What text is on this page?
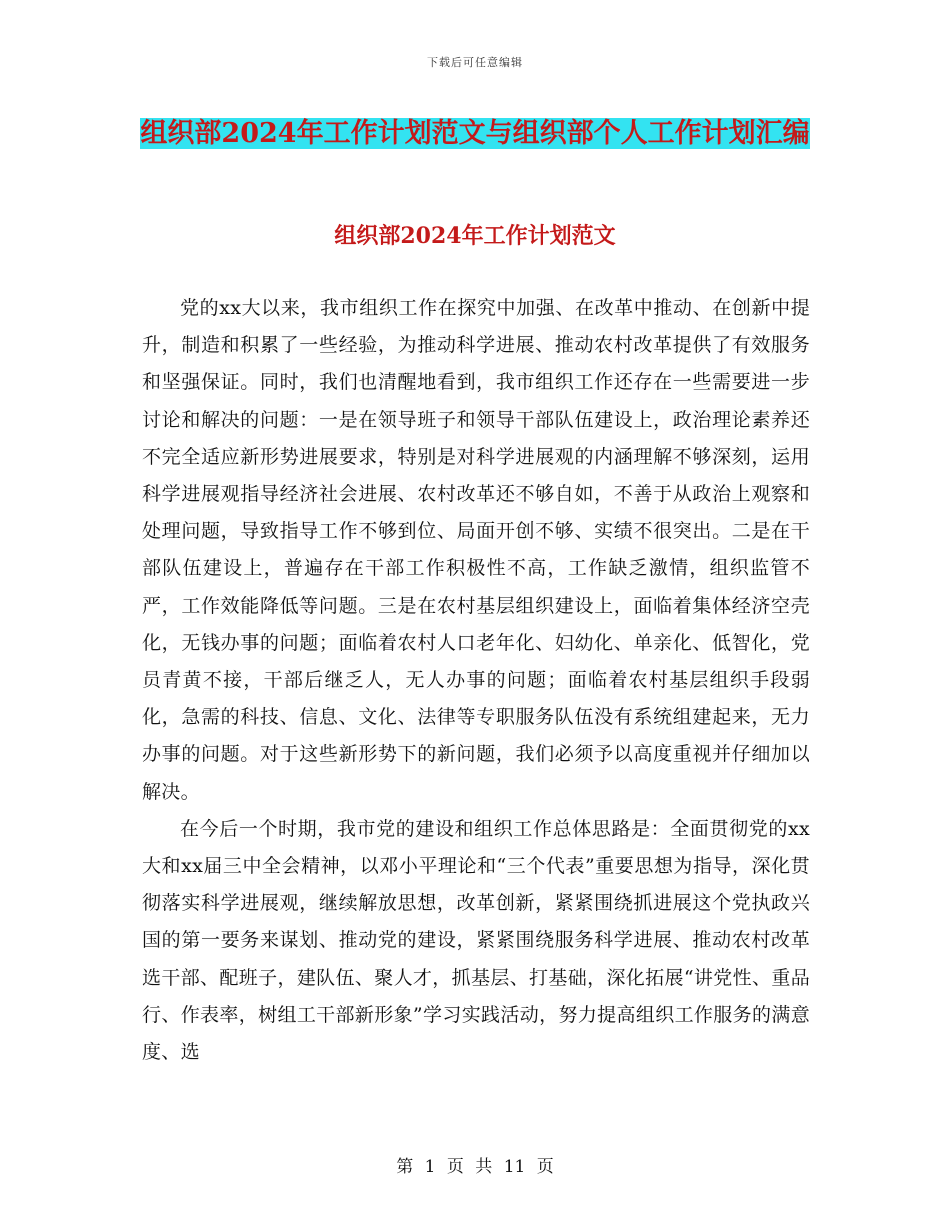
下载后可任意编辑
组织部2024年工作计划范文与组织部个人工作计划汇编
组织部2024年工作计划范文

党的xx大以来，我市组织工作在探究中加强、在改革中推动、在创新中提升，制造和积累了一些经验，为推动科学进展、推动农村改革提供了有效服务和坚强保证。同时，我们也清醒地看到，我市组织工作还存在一些需要进一步讨论和解决的问题：一是在领导班子和领导干部队伍建设上，政治理论素养还不完全适应新形势进展要求，特别是对科学进展观的内涵理解不够深刻，运用科学进展观指导经济社会进展、农村改革还不够自如，不善于从政治上观察和处理问题，导致指导工作不够到位、局面开创不够、实绩不很突出。二是在干部队伍建设上，普遍存在干部工作积极性不高，工作缺乏激情，组织监管不严，工作效能降低等问题。三是在农村基层组织建设上，面临着集体经济空壳化，无钱办事的问题；面临着农村人口老年化、妇幼化、单亲化、低智化，党员青黄不接，干部后继乏人，无人办事的问题；面临着农村基层组织手段弱化，急需的科技、信息、文化、法律等专职服务队伍没有系统组建起来，无力办事的问题。对于这些新形势下的新问题，我们必须予以高度重视并仔细加以解决。

在今后一个时期，我市党的建设和组织工作总体思路是：全面贯彻党的xx大和xx届三中全会精神，以邓小平理论和“三个代表”重要思想为指导，深化贯彻落实科学进展观，继续解放思想，改革创新，紧紧围绕抓进展这个党执政兴国的第一要务来谋划、推动党的建设，紧紧围绕服务科学进展、推动农村改革选干部、配班子，建队伍、聚人才，抓基层、打基础，深化拓展“讲党性、重品行、作表率，树组工干部新形象”学习实践活动，努力提高组织工作服务的满意度、选

第 1 页 共 11 页
